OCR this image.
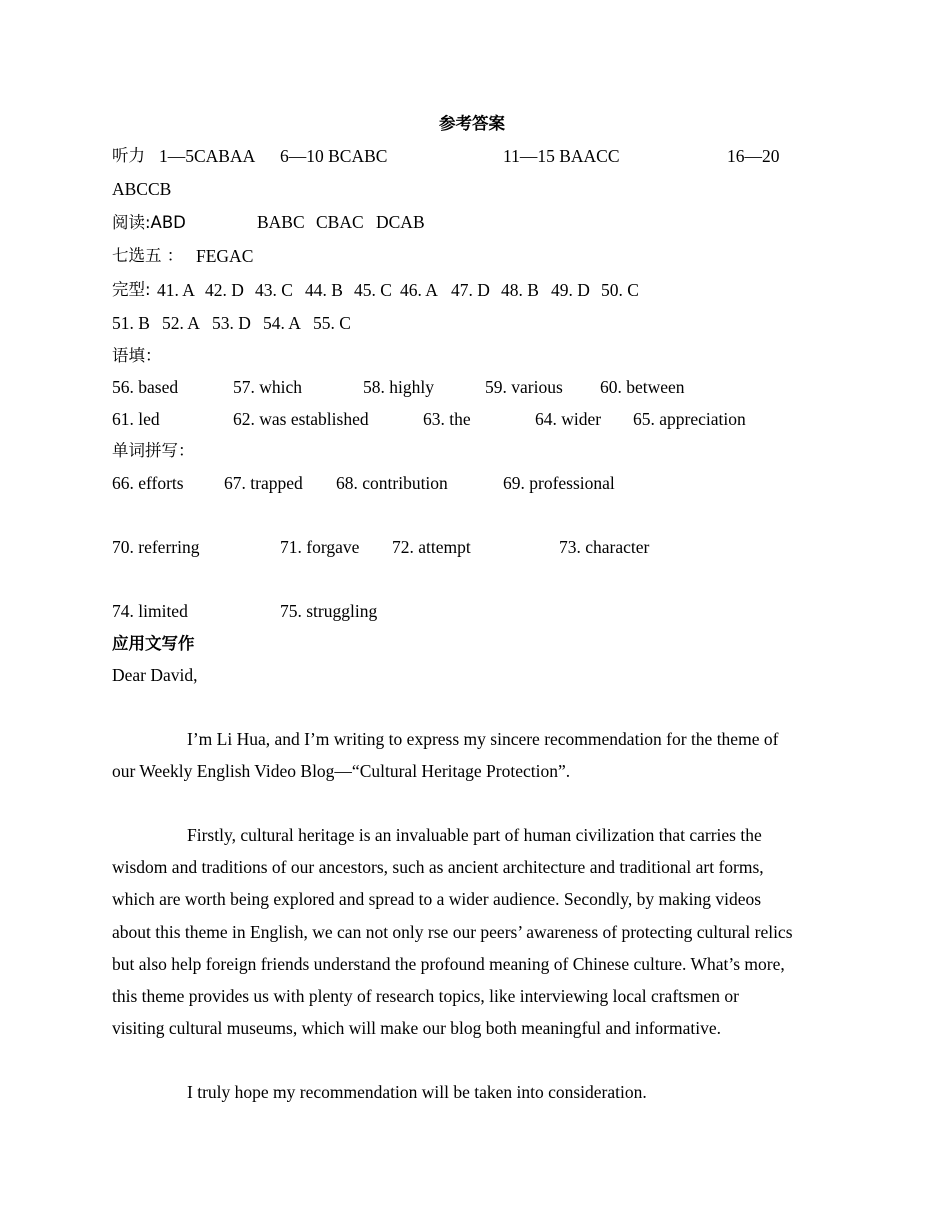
参考答案
听力 1—5CABAA 6—10 BCABC	11—15 BAACC	16—20
ABCCB
阅读:ABD	BABC CBAC DCAB
七选五 ： FEGAC
完型: 41. A 42. D 43. C 44. B 45. C 46. A 47. D 48. B 49. D 50. C
51. B 52. A 53. D 54. A 55. C
语填：
56. based	57. which	58. highly	59. various 60. between
61. led	62. was established	63. the	64. wider 65. appreciation
单词拼写：
66. efforts 67. trapped 68. contribution	69. professional
70. referring	71. forgave 72. attempt	73. character
74. limited	75. struggling
应用文写作
Dear David,
I’m Li Hua, and I’m writing to express my sincere recommendation for the theme of
our Weekly English Video Blog—“Cultural Heritage Protection”.
Firstly, cultural heritage is an invaluable part of human civilization that carries the
wisdom and traditions of our ancestors, such as ancient architecture and traditional art forms,
which are worth being explored and spread to a wider audience. Secondly, by making videos
about this theme in English, we can not only rse our peers’ awareness of protecting cultural relics
but also help foreign friends understand the profound meaning of Chinese culture. What’s more,
this theme provides us with plenty of research topics, like interviewing local craftsmen or
visiting cultural museums, which will make our blog both meaningful and informative.
I truly hope my recommendation will be taken into consideration.
